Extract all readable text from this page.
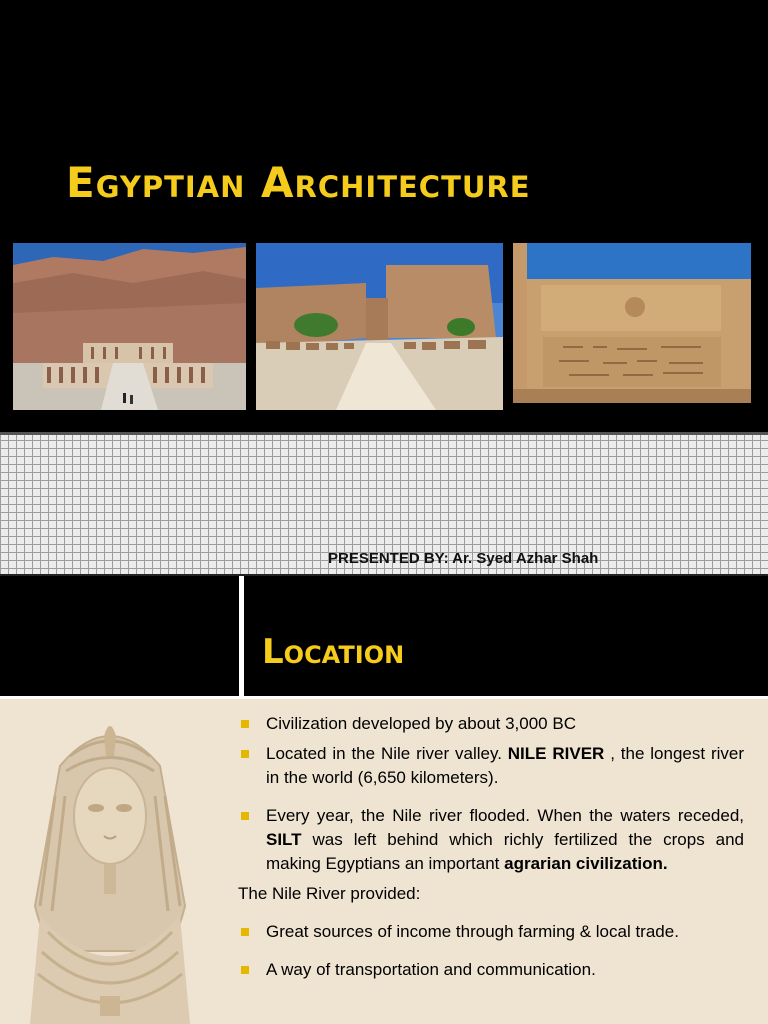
Egyptian Architecture
PRESENTED BY: Ar. Syed Azhar Shah
Location
Civilization developed by about 3,000 BC
Located in the Nile river valley. NILE RIVER , the longest river in the world (6,650 kilometers).
Every year, the Nile river flooded. When the waters receded, SILT was left behind which richly fertilized the crops and making Egyptians an important agrarian civilization.

The Nile River provided:

Great sources of income through farming & local trade.
A way of transportation and communication.
